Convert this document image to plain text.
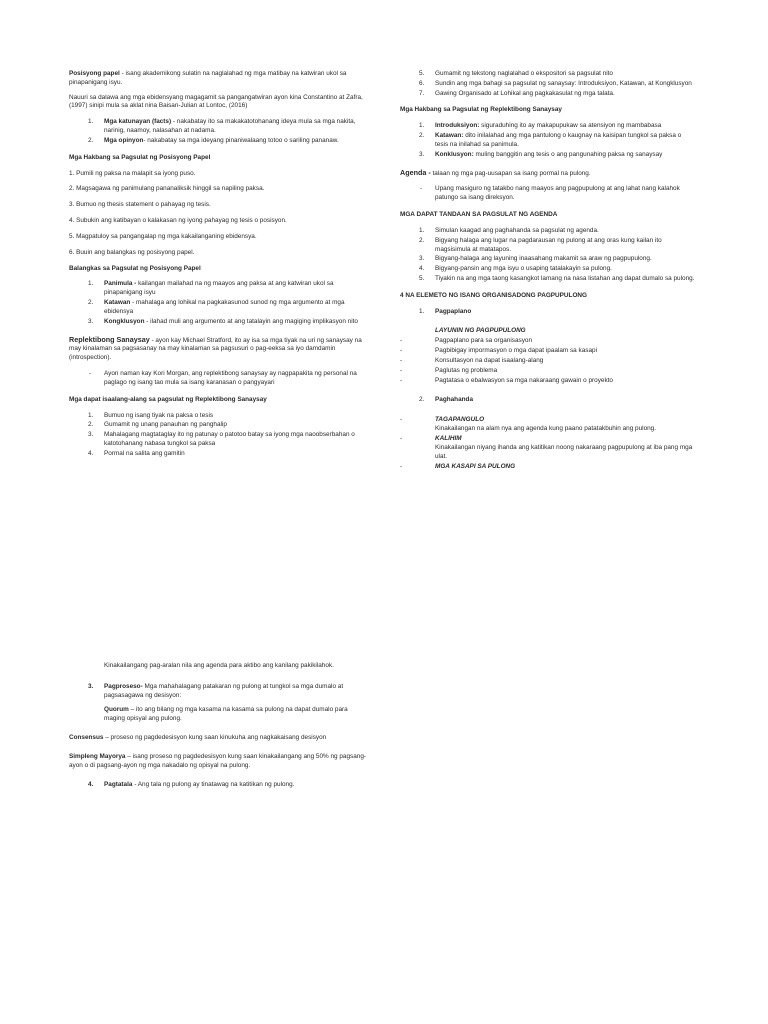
Posisyong papel - isang akademikong sulatin na naglalahad ng mga matibay na katwiran ukol sa pinapanigang isyu.

Nauuri sa dalawa ang mga ebidensyang magagamit sa pangangatwiran ayon kina Constantino at Zafra, (1997) sinipi mula sa aklat nina Baisan-Julian at Lontoc, (2016)

1. Mga katunayan (facts) - nakabatay ito sa makakatotohanang ideya mula sa mga nakita, narinig, naamoy, nalasahan at nadama.
2. Mga opinyon- nakabatay sa mga ideyang pinaniwalaang totoo o sariling pananaw.

Mga Hakbang sa Pagsulat ng Posisyong Papel

1. Pumili ng paksa na malapit sa iyong puso.

2. Magsagawa ng panimulang pananaliksik hinggil sa napiling paksa.

3. Bumuo ng thesis statement o pahayag ng tesis.

4. Subukin ang katibayan o kalakasan ng iyong pahayag ng tesis o posisyon.

5. Magpatuloy sa pangangalap ng mga kakailanganing ebidensya.

6. Buuin ang balangkas ng posisyong papel.

Balangkas sa Pagsulat ng Posisyong Papel

1. Panimula - kailangan mailahad na ng maayos ang paksa at ang katwiran ukol sa pinapanigang isyu
2. Katawan - mahalaga ang lohikal na pagkakasunod sunod ng mga argumento at mga ebidensya
3. Kongklusyon - ilahad muli ang argumento at ang tatalayin ang magiging implikasyon nito

Replektibong Sanaysay - ayon kay Michael Stratford, ito ay isa sa mga tiyak na uri ng sanaysay na may kinalaman sa pagsasanay na may kinalaman sa pagsusuri o pag-eeksa sa iyo damdamin (introspection).

- Ayon naman kay Kori Morgan, ang replektibong sanaysay ay nagpapakita ng personal na paglago ng isang tao mula sa isang karanasan o pangyayari

Mga dapat isaalang-alang sa pagsulat ng Replektibong Sanaysay

1. Bumuo ng isang tiyak na paksa o tesis
2. Gumamit ng unang panauhan ng panghalip
3. Mahalagang magtataglay ito ng patunay o patotoo batay sa iyong mga naoobserbahan o katotohanang nabasa tungkol sa paksa
4. Pormal na salita ang gamitin
5. Gumamit ng tekstong naglalahad o ekspositori sa pagsulat nito
6. Sundin ang mga bahagi sa pagsulat ng sanaysay: Introduksiyon, Katawan, at Kongklusyon
7. Gawing Organisado at Lohikal ang pagkakasulat ng mga talata.

Mga Hakbang sa Pagsulat ng Replektibong Sanaysay

1. Introduksiyon: siguraduhing ito ay makapupukaw sa atensiyon ng mambabasa
2. Katawan: dito inilalahad ang mga pantulong o kaugnay na kaisipan tungkol sa paksa o tesis na inilahad sa panimula.
3. Konklusyon: muling banggitin ang tesis o ang pangunahing paksa ng sanaysay

Agenda - talaan ng mga pag-uusapan sa isang pormal na pulong.

- Upang masiguro ng tatakbo nang maayos ang pagpupulong at ang lahat nang kalahok patungo sa isang direksyon.

MGA DAPAT TANDAAN SA PAGSULAT NG AGENDA

1. Simulan kaagad ang paghahanda sa pagsulat ng agenda.
2. Bigyang halaga ang lugar na pagdarausan ng pulong at ang oras kung kailan ito magsisimula at matatapos.
3. Bigyang-halaga ang layuning inaasahang makamit sa araw ng pagpupulong.
4. Bigyang-pansin ang mga isyu o usaping tatalakayin sa pulong.
5. Tiyakin na ang mga taong kasangkot lamang na nasa listahan ang dapat dumalo sa pulong.

4 NA ELEMETO NG ISANG ORGANISADONG PAGPUPULONG

1. Pagpaplano

LAYUNIN NG PAGPUPULONG

-	Pagpaplano para sa organisasyon
-	Pagbibigay impormasyon o mga dapat ipaalam sa kasapi
-	Konsultasyon na dapat isaalang-alang
-	Paglutas ng problema
-	Pagtatasa o ebalwasyon sa mga nakaraang gawain o proyekto
2. Paghahanda
-	TAGAPANGULO
Kinakailangan na alam nya ang agenda kung paano patatakbuhin ang pulong.
-	KALIHIM
Kinakailangan niyang ihanda ang katitikan noong nakaraang pagpupulong at iba pang mga ulat.
-	MGA KASAPI SA PULONG

Kinakailangang pag-aralan nila ang agenda para aktibo ang kanilang pakikilahok.

3. Pagproseso- Mga mahahalagang patakaran ng pulong at tungkol sa mga dumalo at pagsasagawa ng desisyon:

Quorum – ito ang bilang ng mga kasama na kasama sa pulong na dapat dumalo para maging opisyal ang pulong.

Consensus – proseso ng pagdedesisyon kung saan kinukuha ang nagkakaisang desisyon

Simpleng Mayorya – isang proseso ng pagdedesisyon kung saan kinakailangang ang 50% ng pagsang-ayon o di pagsang-ayon ng mga nakadalo ng opisyal na pulong.

4. Pagtatala - Ang tala ng pulong ay tinatawag na katitikan ng pulong.
